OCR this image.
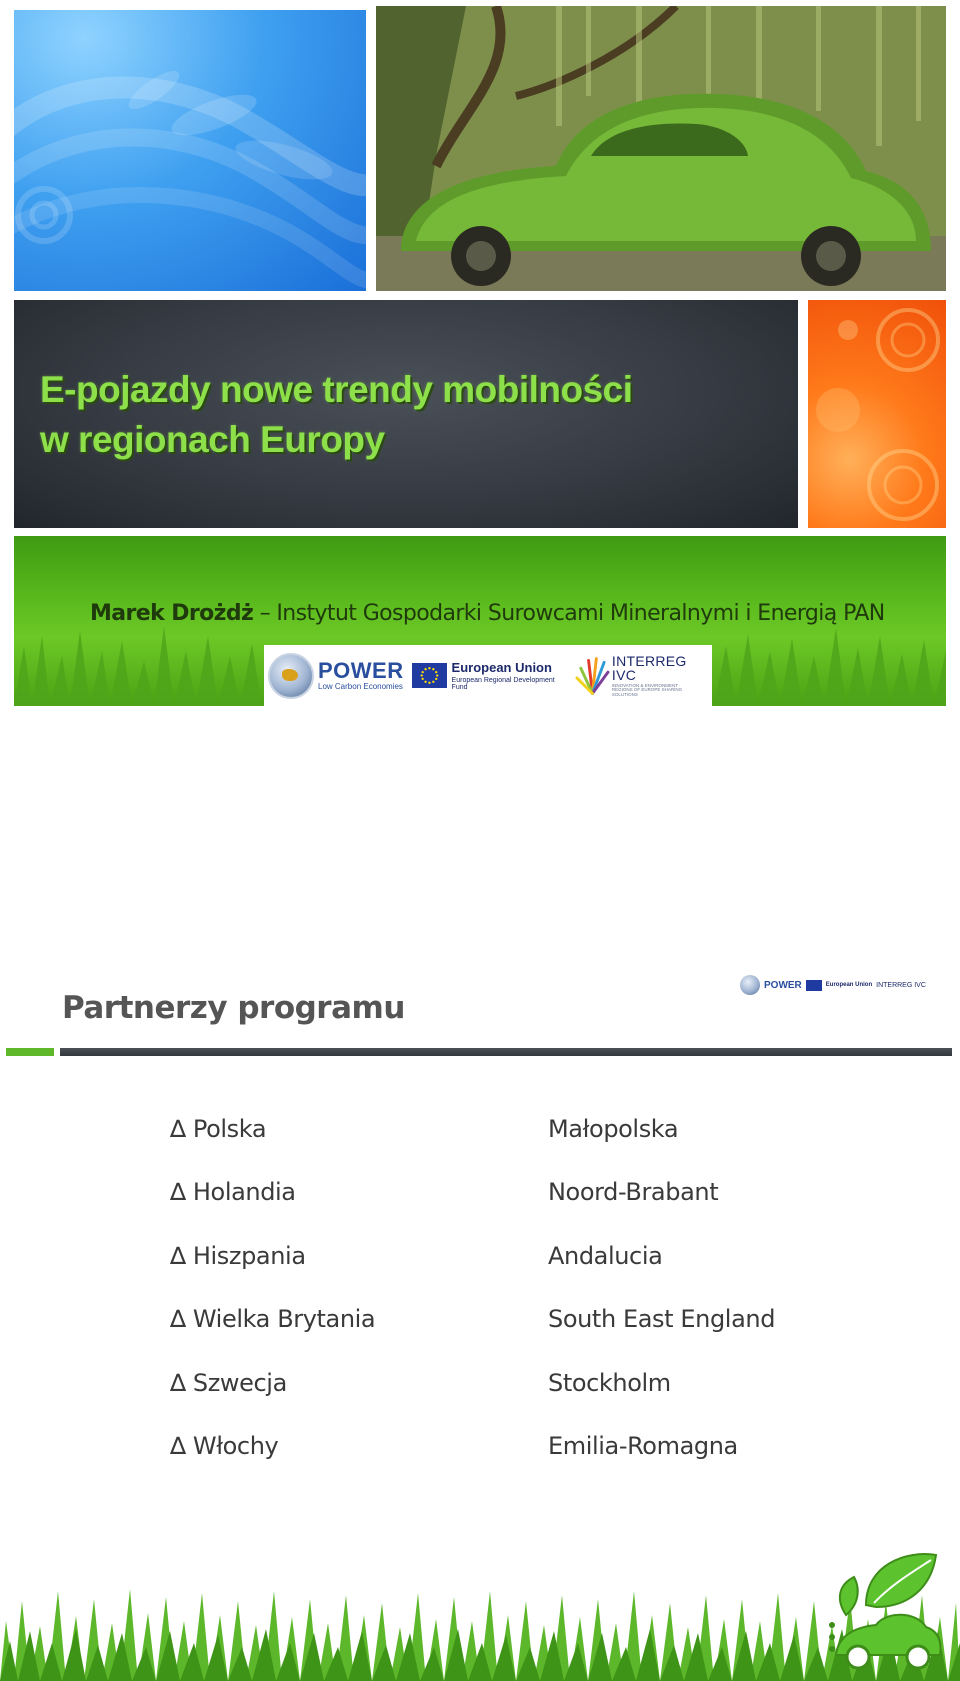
E-pojazdy nowe trendy mobilności
w regionach Europy

Marek Drożdż – Instytut Gospodarki Surowcami Mineralnymi i Energią PAN

POWER
Low Carbon Economies
European Union
European Regional Development Fund
INTERREG IVC
INNOVATION & ENVIRONMENT · REGIONS OF EUROPE SHARING SOLUTIONS
Partnerzy programu
POWER	European Union INTERREG IVC
∆ Polska	Małopolska
∆ Holandia	Noord-Brabant
∆ Hiszpania	Andalucia
∆ Wielka Brytania	South East England
∆ Szwecja	Stockholm
∆ Włochy	Emilia-Romagna
